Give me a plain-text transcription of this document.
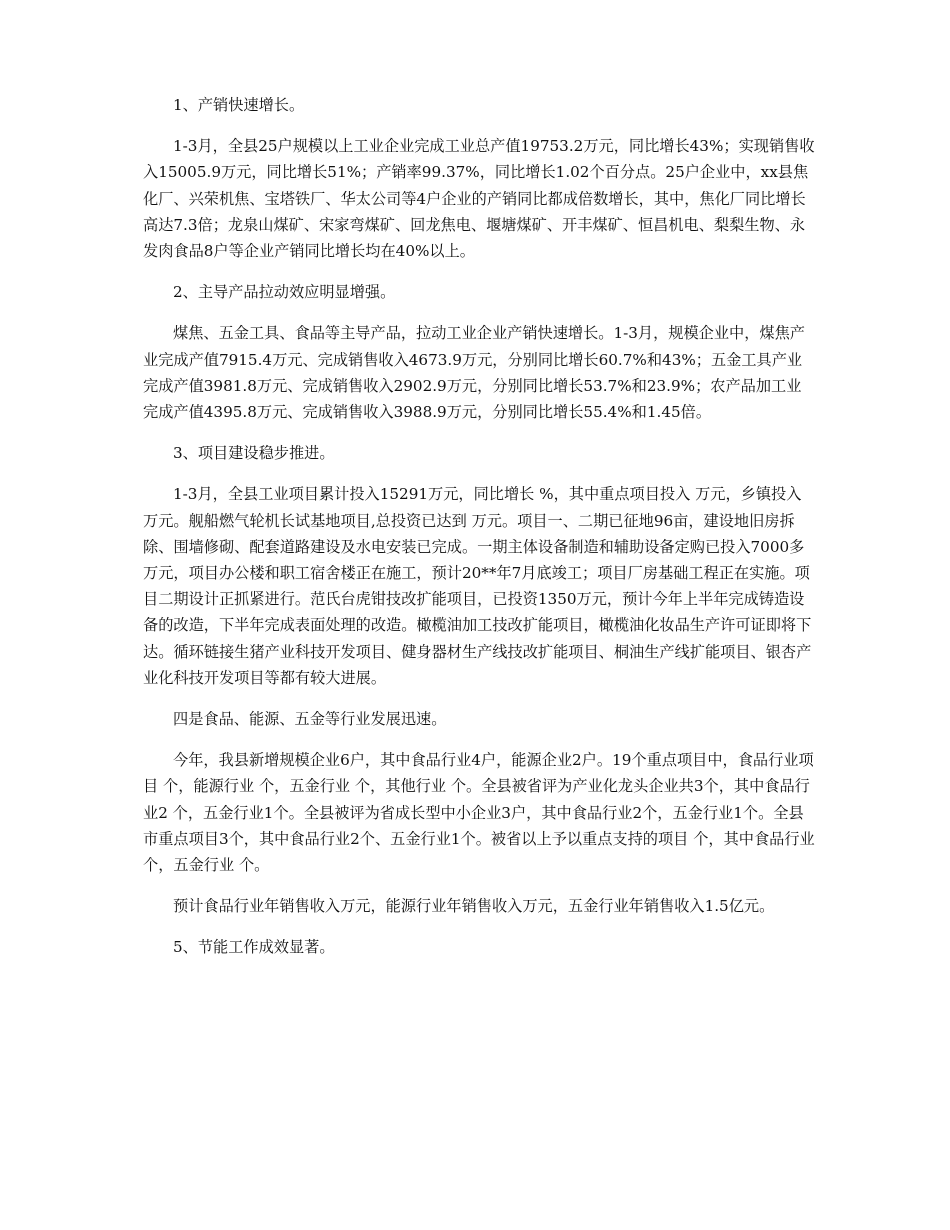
1、产销快速增长。

1-3月，全县25户规模以上工业企业完成工业总产值19753.2万元，同比增长43%；实现销售收入15005.9万元，同比增长51%；产销率99.37%，同比增长1.02个百分点。25户企业中，xx县焦化厂、兴荣机焦、宝塔铁厂、华太公司等4户企业的产销同比都成倍数增长，其中，焦化厂同比增长高达7.3倍；龙泉山煤矿、宋家弯煤矿、回龙焦电、堰塘煤矿、开丰煤矿、恒昌机电、梨梨生物、永发肉食品8户等企业产销同比增长均在40%以上。

2、主导产品拉动效应明显增强。

煤焦、五金工具、食品等主导产品，拉动工业企业产销快速增长。1-3月，规模企业中，煤焦产业完成产值7915.4万元、完成销售收入4673.9万元，分别同比增长60.7%和43%；五金工具产业完成产值3981.8万元、完成销售收入2902.9万元，分别同比增长53.7%和23.9%；农产品加工业完成产值4395.8万元、完成销售收入3988.9万元，分别同比增长55.4%和1.45倍。

3、项目建设稳步推进。

1-3月，全县工业项目累计投入15291万元，同比增长 %，其中重点项目投入 万元，乡镇投入 万元。舰船燃气轮机长试基地项目,总投资已达到 万元。项目一、二期已征地96亩，建设地旧房拆除、围墙修砌、配套道路建设及水电安装已完成。一期主体设备制造和辅助设备定购已投入7000多万元，项目办公楼和职工宿舍楼正在施工，预计20**年7月底竣工；项目厂房基础工程正在实施。项目二期设计正抓紧进行。范氏台虎钳技改扩能项目，已投资1350万元，预计今年上半年完成铸造设备的改造，下半年完成表面处理的改造。橄榄油加工技改扩能项目，橄榄油化妆品生产许可证即将下达。循环链接生猪产业科技开发项目、健身器材生产线技改扩能项目、桐油生产线扩能项目、银杏产业化科技开发项目等都有较大进展。

四是食品、能源、五金等行业发展迅速。

今年，我县新增规模企业6户，其中食品行业4户，能源企业2户。19个重点项目中，食品行业项目 个，能源行业 个，五金行业 个，其他行业 个。全县被省评为产业化龙头企业共3个，其中食品行业2 个，五金行业1个。全县被评为省成长型中小企业3户，其中食品行业2个，五金行业1个。全县市重点项目3个，其中食品行业2个、五金行业1个。被省以上予以重点支持的项目 个，其中食品行业 个，五金行业 个。

预计食品行业年销售收入万元，能源行业年销售收入万元，五金行业年销售收入1.5亿元。

5、节能工作成效显著。
